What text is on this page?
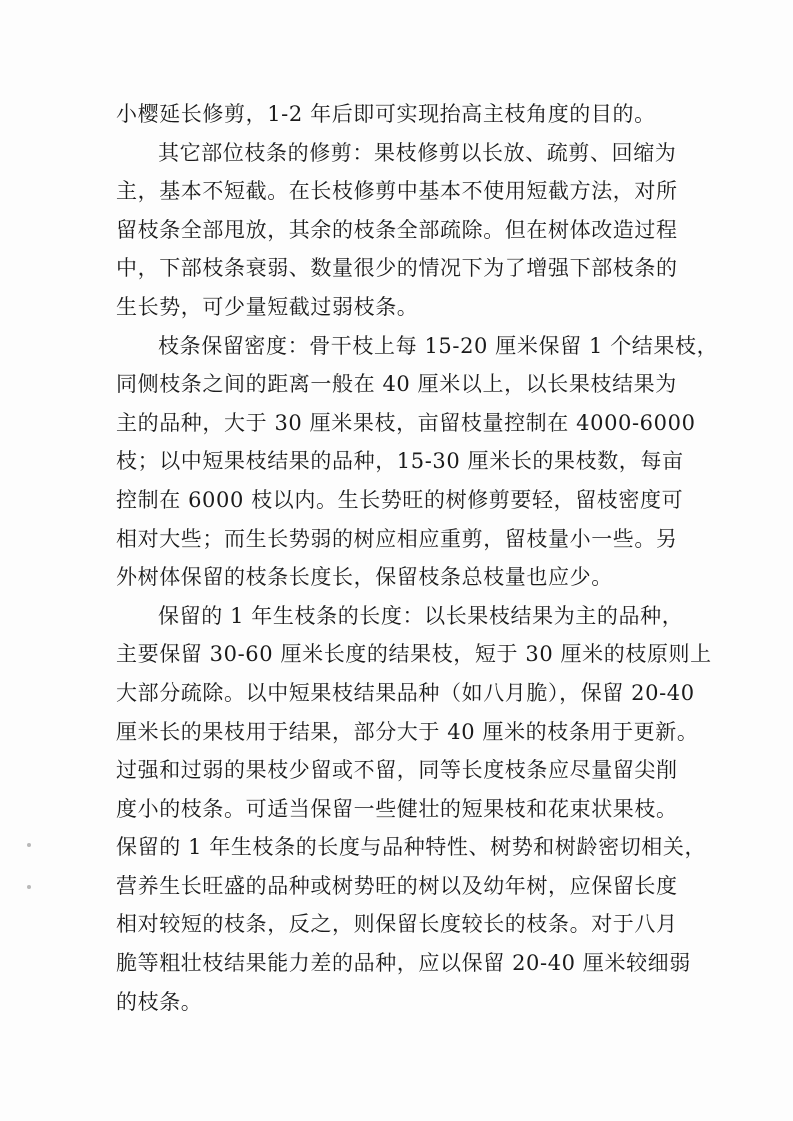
小樱延长修剪，1-2 年后即可实现抬高主枝角度的目的。
其它部位枝条的修剪：果枝修剪以长放、疏剪、回缩为
主，基本不短截。在长枝修剪中基本不使用短截方法，对所
留枝条全部甩放，其余的枝条全部疏除。但在树体改造过程
中，下部枝条衰弱、数量很少的情况下为了增强下部枝条的
生长势，可少量短截过弱枝条。
枝条保留密度：骨干枝上每 15-20 厘米保留 1 个结果枝，
同侧枝条之间的距离一般在 40 厘米以上，以长果枝结果为
主的品种，大于 30 厘米果枝，亩留枝量控制在 4000-6000
枝；以中短果枝结果的品种，15-30 厘米长的果枝数，每亩
控制在 6000 枝以内。生长势旺的树修剪要轻，留枝密度可
相对大些；而生长势弱的树应相应重剪，留枝量小一些。另
外树体保留的枝条长度长，保留枝条总枝量也应少。
保留的 1 年生枝条的长度：以长果枝结果为主的品种，
主要保留 30-60 厘米长度的结果枝，短于 30 厘米的枝原则上
大部分疏除。以中短果枝结果品种（如八月脆），保留 20-40
厘米长的果枝用于结果，部分大于 40 厘米的枝条用于更新。
过强和过弱的果枝少留或不留，同等长度枝条应尽量留尖削
度小的枝条。可适当保留一些健壮的短果枝和花束状果枝。
保留的 1 年生枝条的长度与品种特性、树势和树龄密切相关，
营养生长旺盛的品种或树势旺的树以及幼年树，应保留长度
相对较短的枝条，反之，则保留长度较长的枝条。对于八月
脆等粗壮枝结果能力差的品种，应以保留 20-40 厘米较细弱
的枝条。
